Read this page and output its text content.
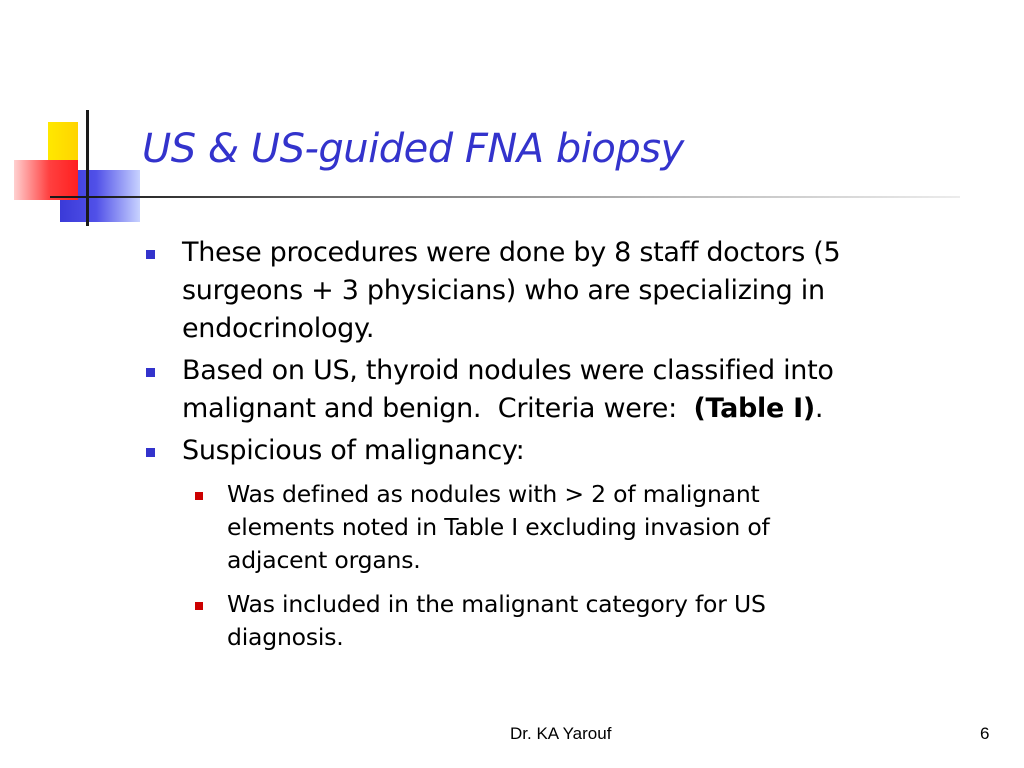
US & US-guided FNA biopsy
These procedures were done by 8 staff doctors (5
surgeons + 3 physicians) who are specializing in
endocrinology.
Based on US, thyroid nodules were classified into
malignant and benign.  Criteria were:  (Table I).
Suspicious of malignancy:
Was defined as nodules with > 2 of malignant
elements noted in Table I excluding invasion of
adjacent organs.
Was included in the malignant category for US
diagnosis.
Dr. KA Yarouf	6
